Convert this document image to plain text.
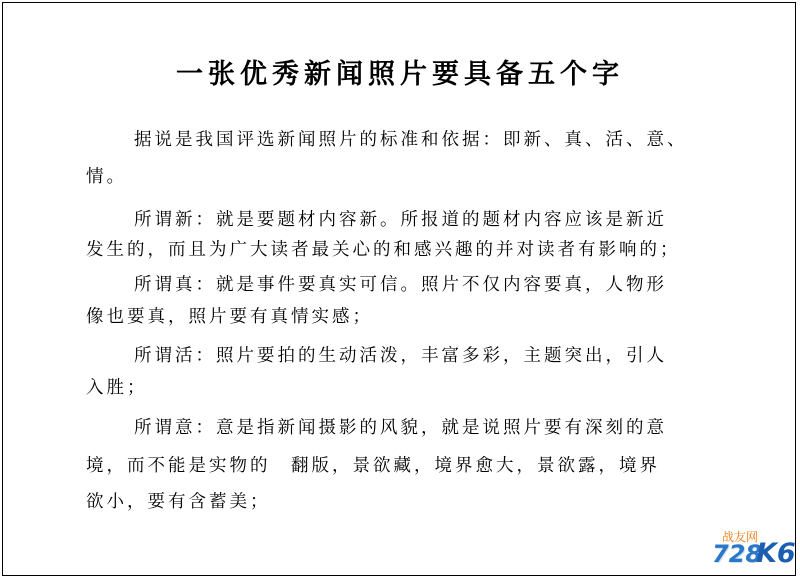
一张优秀新闻照片要具备五个字
据说是我国评选新闻照片的标准和依据：即新、真、活、意、
情。
所谓新：就是要题材内容新。所报道的题材内容应该是新近
发生的，而且为广大读者最关心的和感兴趣的并对读者有影响的；
所谓真：就是事件要真实可信。照片不仅内容要真，人物形
像也要真，照片要有真情实感；
所谓活：照片要拍的生动活泼，丰富多彩，主题突出，引人
入胜；
所谓意：意是指新闻摄影的风貌，就是说照片要有深刻的意
境，而不能是实物的　翻版，景欲藏，境界愈大，景欲露，境界
欲小，要有含蓄美；
战友网
728
K6
